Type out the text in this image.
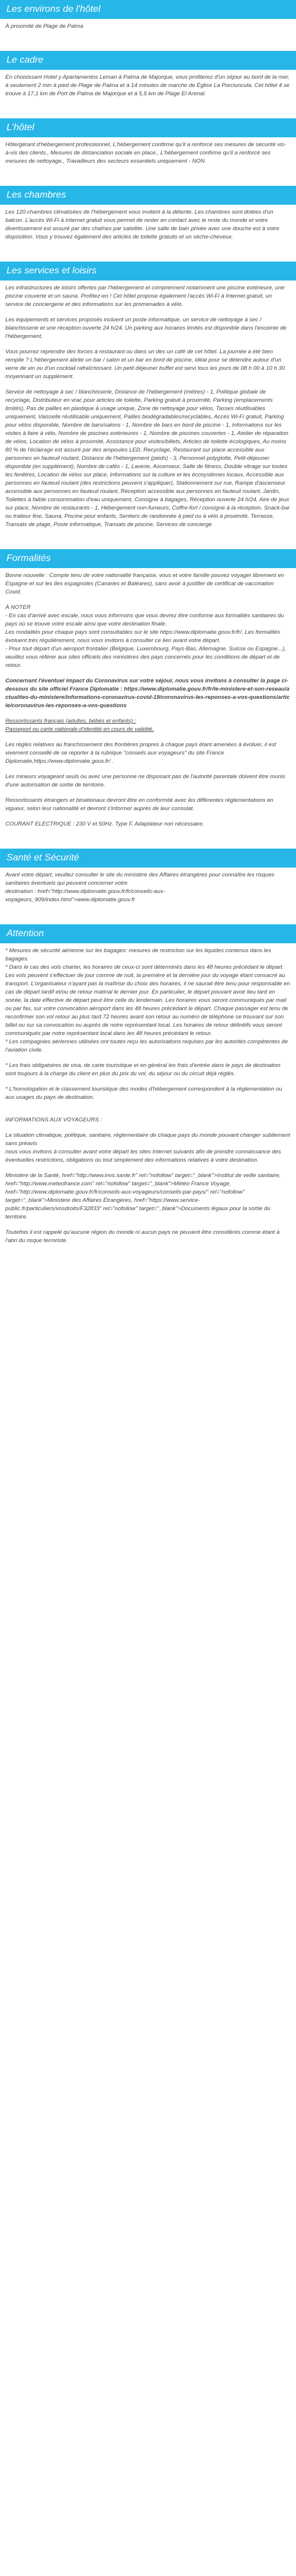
Les environs de l'hôtel

À proximité de Plage de Palma

Le cadre

En choisissant Hotel y Apartamentos Leman à Palma de Majorque, vous profiterez d'un séjour au bord de la mer, à seulement 2 min à pied de Plage de Palma et à 14 minutes de marche de Église La Porciuncula. Cet hôtel 4 se trouve à 17,1 km de Port de Palma de Majorque et à 5,5 km de Plage El Arenal.

L'hôtel

Hôte/gérant d'hébergement professionnel, L'hébergement confirme qu'il a renforcé ses mesures de sécurité vis-à-vis des clients., Mesures de distanciation sociale en place., L'hébergement confirme qu'il a renforcé ses mesures de nettoyage., Travailleurs des secteurs essentiels uniquement - NON

Les chambres

Les 120 chambres climatisées de l'hébergement vous invitent à la détente. Les chambres sont dotées d'un balcon. L'accès Wi-Fi à Internet gratuit vous permet de rester en contact avec le reste du monde et votre divertissement est assuré par des chaînes par satellite. Une salle de bain privée avec une douche est à votre disposition. Vous y trouvez également des articles de toilette gratuits et un sèche-cheveux.

Les services et loisirs

Les infrastructures de loisirs offertes par l'hébergement et comprennent notamment une piscine extérieure, une piscine couverte et un sauna. Profitez-en ! Cet hôtel propose également l'accès Wi-Fi à Internet gratuit, un service de conciergerie et des informations sur les promenades à vélo.

Les équipements et services proposés incluent un poste informatique, un service de nettoyage à sec / blanchisserie et une réception ouverte 24 h/24. Un parking aux horaires limités est disponible dans l'enceinte de l'hébergement.

Vous pourrez reprendre des forces à restaurant ou dans un des un café de cet hôtel. La journée a été bien remplie ? L'hébergement abrite un bar / salon et un bar en bord de piscine, idéal pour se détendre autour d'un verre de vin ou d'un cocktail rafraîchissant. Un petit déjeuner buffet est servi tous les jours de 08 h 00 à 10 h 30 moyennant un supplément.

Service de nettoyage à sec / blanchisserie, Distance de l'hébergement (mètres) - 1, Politique globale de recyclage, Distributeur en vrac pour articles de toilette, Parking gratuit à proximité, Parking (emplacements limités), Pas de pailles en plastique à usage unique, Zone de nettoyage pour vélos, Tasses réutilisables uniquement, Vaisselle réutilisable uniquement, Pailles biodégradables/recyclables, Accès Wi-Fi gratuit, Parking pour vélos disponible, Nombre de bars/salons - 1, Nombre de bars en bord de piscine - 1, Informations sur les visites à faire à vélo, Nombre de piscines extérieures - 1, Nombre de piscines couvertes - 1, Atelier de réparation de vélos, Location de vélos à proximité, Assistance pour visites/billets, Articles de toilette écologiques, Au moins 80 % de l'éclairage est assuré par des ampoules LED, Recyclage, Restaurant sur place accessible aux personnes en fauteuil roulant, Distance de l'hébergement (pieds) - 3, Personnel polyglotte, Petit-déjeuner disponible (en supplément), Nombre de cafés - 1, Laverie, Ascenseur, Salle de fitness, Double vitrage sur toutes les fenêtres, Location de vélos sur place, Informations sur la culture et les écosystèmes locaux, Accessible aux personnes en fauteuil roulant (des restrictions peuvent s'appliquer), Stationnement sur rue, Rampe d'ascenseur accessible aux personnes en fauteuil roulant, Réception accessible aux personnes en fauteuil roulant, Jardin, Toilettes à faible consommation d'eau uniquement, Consigne à bagages, Réception ouverte 24 h/24, Aire de jeux sur place, Nombre de restaurants - 1, Hébergement non-fumeurs, Coffre-fort / consigne à la réception, Snack-bar ou traiteur fine, Sauna, Piscine pour enfants, Sentiers de randonnée à pied ou à vélo à proximité, Terrasse, Transats de plage, Poste informatique, Transats de piscine, Services de concierge

Formalités

Bonne nouvelle : Compte tenu de votre nationalité française, vous et votre famille pouvez voyager librement en Espagne et sur les îles espagnoles (Canaries et Baléares), sans avoir à justifier de certificat de vaccination Covid.

À NOTER
- En cas d'arrivé avec escale, nous vous informons que vous devrez être conforme aux formalités sanitaires du pays où se trouve votre escale ainsi que votre destination finale.
Les modalités pour chaque pays sont consultables sur le site https://www.diplomatie.gouv.fr/fr/. Les formalités évoluent très régulièrement, nous vous invitons à consulter ce lien avant votre départ.
- Pour tout départ d'un aéroport frontalier (Belgique, Luxembourg, Pays-Bas, Allemagne, Suisse ou Espagne...), veuillez vous référer aux sites officiels des ministères des pays concernés pour les conditions de départ et de retour.

Concernant l'éventuel impact du Coronavirus sur votre séjour, nous vous invitons à consulter la page ci-dessous du site officiel France Diplomatie : https://www.diplomatie.gouv.fr/fr/le-ministere-et-son-reseau/actualites-du-ministere/informations-coronavirus-covid-19/coronavirus-les-reponses-a-vos-questions/article/coronavirus-les-reponses-a-vos-questions

Ressortissants français (adultes, bébés et enfants) :
Passeport ou carte nationale d'identité en cours de validité.

Les règles relatives au franchissement des frontières propres à chaque pays étant amenées à évoluer, il est vivement conseillé de se reporter à la rubrique "conseils aux voyageurs" du site France Diplomatie,https://www.diplomatie.gouv.fr/ .

Les mineurs voyageant seuls ou avec une personne ne disposant pas de l'autorité parentale doivent être munis d'une autorisation de sortie de territoire.

Ressortissants étrangers et binationaux devront être en conformité avec les différentes réglementations en vigueur, selon leur nationalité et devront s'informer auprès de leur consulat.

COURANT ELECTRIQUE : 230 V et 50Hz. Type F. Adaptateur non nécessaire.

Santé et Sécurité

Avant votre départ, veuillez consulter le site du ministère des Affaires étrangères pour connaître les risques sanitaires éventuels qui peuvent concerner votre
destination : href="http://www.diplomatie.gouv.fr/fr/conseils-aux-voyageurs_909/index.html">www.diplomatie.gouv.fr

Attention

* Mesures de sécurité aérienne sur les bagages: mesures de restriction sur les liquides contenus dans les bagages.
* Dans le cas des vols charter, les horaires de ceux-ci sont déterminés dans les 48 heures précédant le départ. Les vols peuvent s'effectuer de jour comme de nuit, la première et la dernière jour du voyage étant consacré au transport. L'organisateur n'ayant pas la maîtrise du choix des horaires, il ne saurait être tenu pour responsable en cas de départ tardif et/ou de retour matinal le dernier jour. En particulier, le départ pouvant avoir lieu tard en soirée, la date effective de départ peut être celle du lendemain. Les horaires vous seront communiqués par mail ou par fax, sur votre convocation aéroport dans les 48 heures précédant le départ. Chaque passager est tenu de reconfirmer son vol retour au plus tard 72 heures avant son retour au numéro de téléphone se trouvant sur son billet ou sur sa convocation ou auprès de notre représentant local. Les horaires de retour définitifs vous seront communiqués par notre représentant local dans les 48 heures précédant le retour.
* Les compagnies aériennes utilisées ont toutes reçu les autorisations requises par les autorités compétentes de l'aviation civile.

* Les frais obligatoires de visa, de carte touristique et en général les frais d'entrée dans le pays de destination sont toujours à la charge du client en plus du prix du vol, du séjour ou du circuit déjà réglés.

* L'homologation et le classement touristique des modes d'hébergement correspondent à la réglementation ou aux usages du pays de destination.

INFORMATIONS AUX VOYAGEURS :

La situation climatique, politique, sanitaire, réglementaire de chaque pays du monde pouvant changer subitement sans préavis
nous vous invitons à consulter avant votre départ les sites Internet suivants afin de prendre connaissance des éventuelles restrictions, obligations ou tout simplement des informations relatives à votre destination.

Ministère de la Santé, href="http://www.invs.sante.fr" rel="nofollow" target="_blank">Institut de veille sanitaire,
href="http://www.meteofrance.com" rel="nofollow" target="_blank">Météo France Voyage, href="http://www.diplomatie.gouv.fr/fr/conseils-aux-voyageurs/conseils-par-pays/" rel="nofollow" target="_blank">Ministère des Affaires Étrangères, href="https://www.service-public.fr/particuliers/vosdroits/F32833" rel="nofollow" target="_blank">Documents légaux pour la sortie du territoire.

Toutefois il est rappelé qu'aucune région du monde ni aucun pays ne peuvent être considérés comme étant à l'abri du risque terroriste.
